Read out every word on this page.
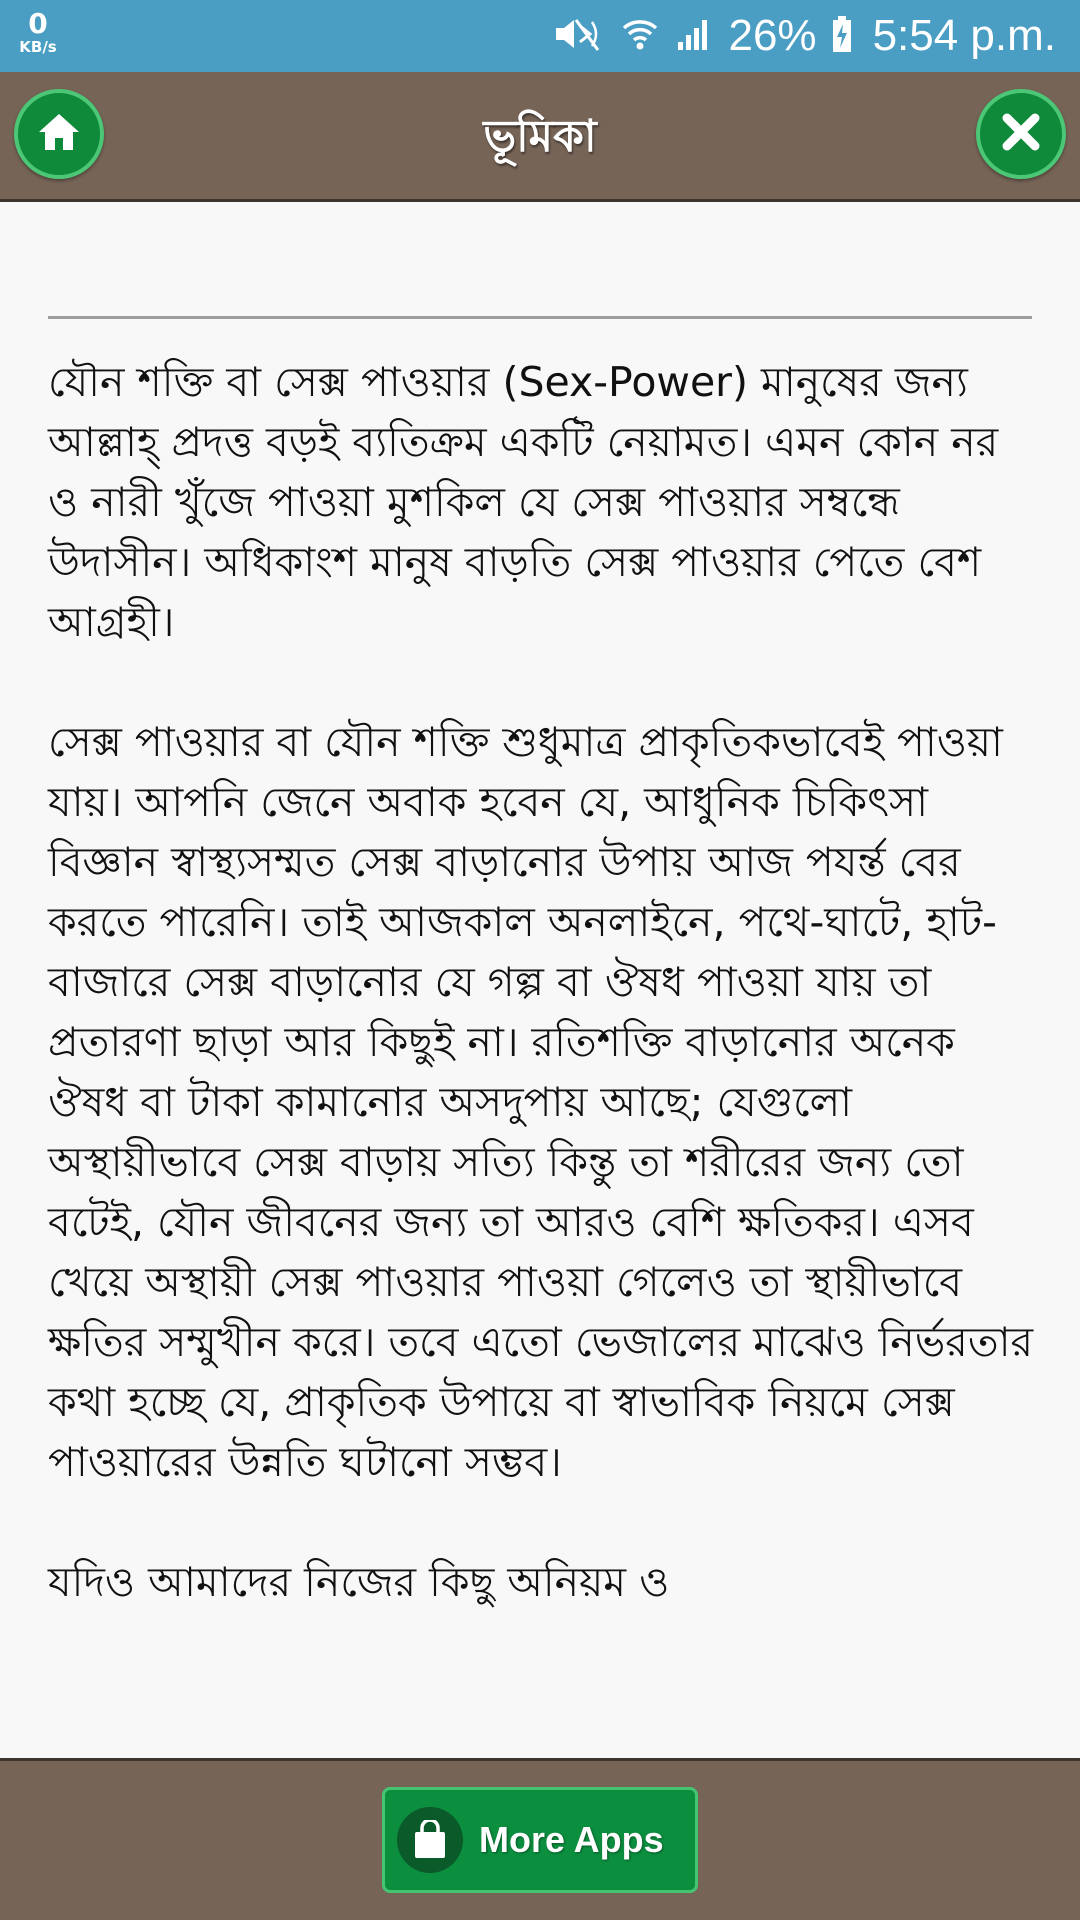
0
KB/s	26% 5:54 p.m.
ভূমিকা

যৌন শক্তি বা সেক্স পাওয়ার (Sex-Power) মানুষের জন্য আল্লাহ্ প্রদত্ত বড়ই ব্যতিক্রম একটি নেয়ামত। এমন কোন নর ও নারী খুঁজে পাওয়া মুশকিল যে সেক্স পাওয়ার সম্বন্ধে উদাসীন। অধিকাংশ মানুষ বাড়তি সেক্স পাওয়ার পেতে বেশ আগ্রহী।

সেক্স পাওয়ার বা যৌন শক্তি শুধুমাত্র প্রাকৃতিকভাবেই পাওয়া যায়। আপনি জেনে অবাক হবেন যে, আধুনিক চিকিৎসা বিজ্ঞান স্বাস্থ্যসম্মত সেক্স বাড়ানোর উপায় আজ পযর্ন্ত বের করতে পারেনি। তাই আজকাল অনলাইনে, পথে-ঘাটে, হাট-বাজারে সেক্স বাড়ানোর যে গল্প বা ঔষধ পাওয়া যায় তা প্রতারণা ছাড়া আর কিছুই না। রতিশক্তি বাড়ানোর অনেক ঔষধ বা টাকা কামানোর অসদুপায় আছে; যেগুলো অস্থায়ীভাবে সেক্স বাড়ায় সত্যি কিন্তু তা শরীরের জন্য তো বটেই, যৌন জীবনের জন্য তা আরও বেশি ক্ষতিকর। এসব খেয়ে অস্থায়ী সেক্স পাওয়ার পাওয়া গেলেও তা স্থায়ীভাবে ক্ষতির সম্মুখীন করে। তবে এতো ভেজালের মাঝেও নির্ভরতার কথা হচ্ছে যে, প্রাকৃতিক উপায়ে বা স্বাভাবিক নিয়মে সেক্স পাওয়ারের উন্নতি ঘটানো সম্ভব।

যদিও আমাদের নিজের কিছু অনিয়ম ও

More Apps
